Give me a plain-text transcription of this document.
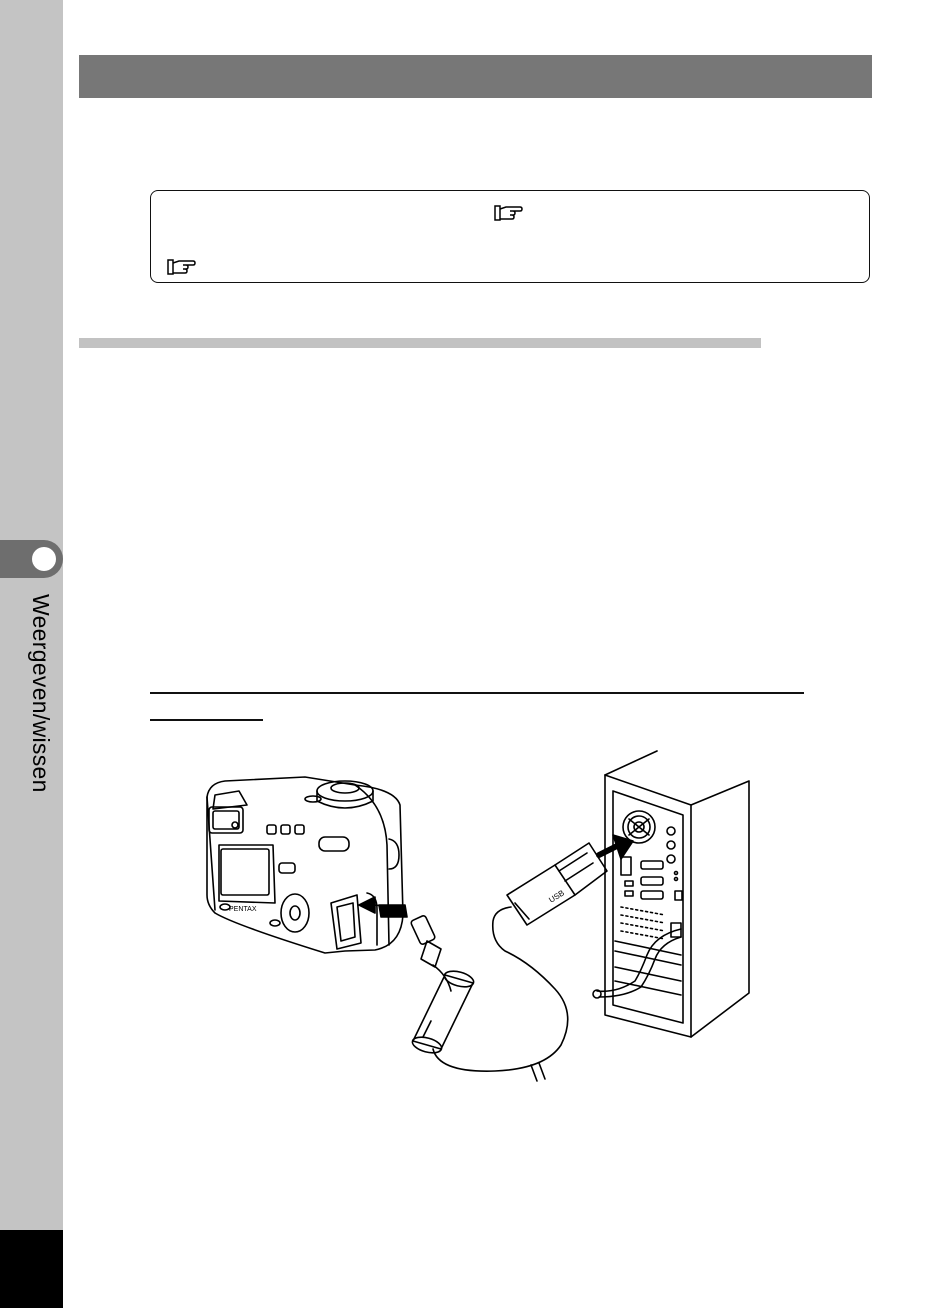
Weergeven/wissen
PENTAX
USB
